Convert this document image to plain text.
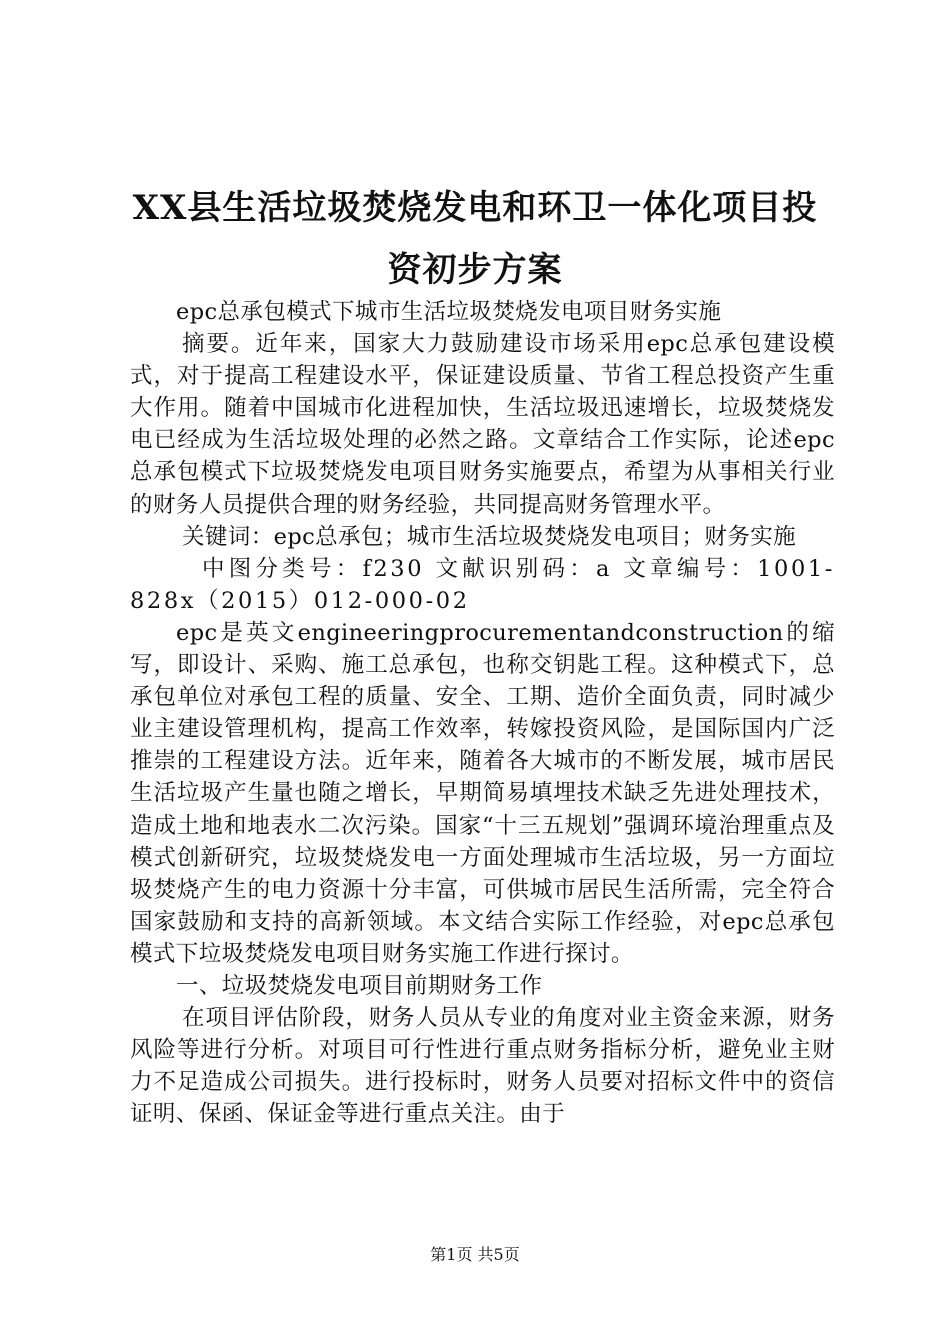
XX县生活垃圾焚烧发电和环卫一体化项目投
资初步方案

epc总承包模式下城市生活垃圾焚烧发电项目财务实施

摘要。近年来，国家大力鼓励建设市场采用epc总承包建设模式，对于提高工程建设水平，保证建设质量、节省工程总投资产生重大作用。随着中国城市化进程加快，生活垃圾迅速增长，垃圾焚烧发电已经成为生活垃圾处理的必然之路。文章结合工作实际，论述epc总承包模式下垃圾焚烧发电项目财务实施要点，希望为从事相关行业的财务人员提供合理的财务经验，共同提高财务管理水平。

关键词：epc总承包；城市生活垃圾焚烧发电项目；财务实施

中图分类号：f230 文献识别码：a 文章编号：1001-828x（2015）012-000-02

epc是英文engineeringprocurementandconstruction的缩写，即设计、采购、施工总承包，也称交钥匙工程。这种模式下，总承包单位对承包工程的质量、安全、工期、造价全面负责，同时减少业主建设管理机构，提高工作效率，转嫁投资风险，是国际国内广泛推崇的工程建设方法。近年来，随着各大城市的不断发展，城市居民生活垃圾产生量也随之增长，早期简易填埋技术缺乏先进处理技术，造成土地和地表水二次污染。国家“十三五规划”强调环境治理重点及模式创新研究，垃圾焚烧发电一方面处理城市生活垃圾，另一方面垃圾焚烧产生的电力资源十分丰富，可供城市居民生活所需，完全符合国家鼓励和支持的高新领域。本文结合实际工作经验，对epc总承包模式下垃圾焚烧发电项目财务实施工作进行探讨。

一、垃圾焚烧发电项目前期财务工作

在项目评估阶段，财务人员从专业的角度对业主资金来源，财务风险等进行分析。对项目可行性进行重点财务指标分析，避免业主财力不足造成公司损失。进行投标时，财务人员要对招标文件中的资信证明、保函、保证金等进行重点关注。由于

第1页 共5页
